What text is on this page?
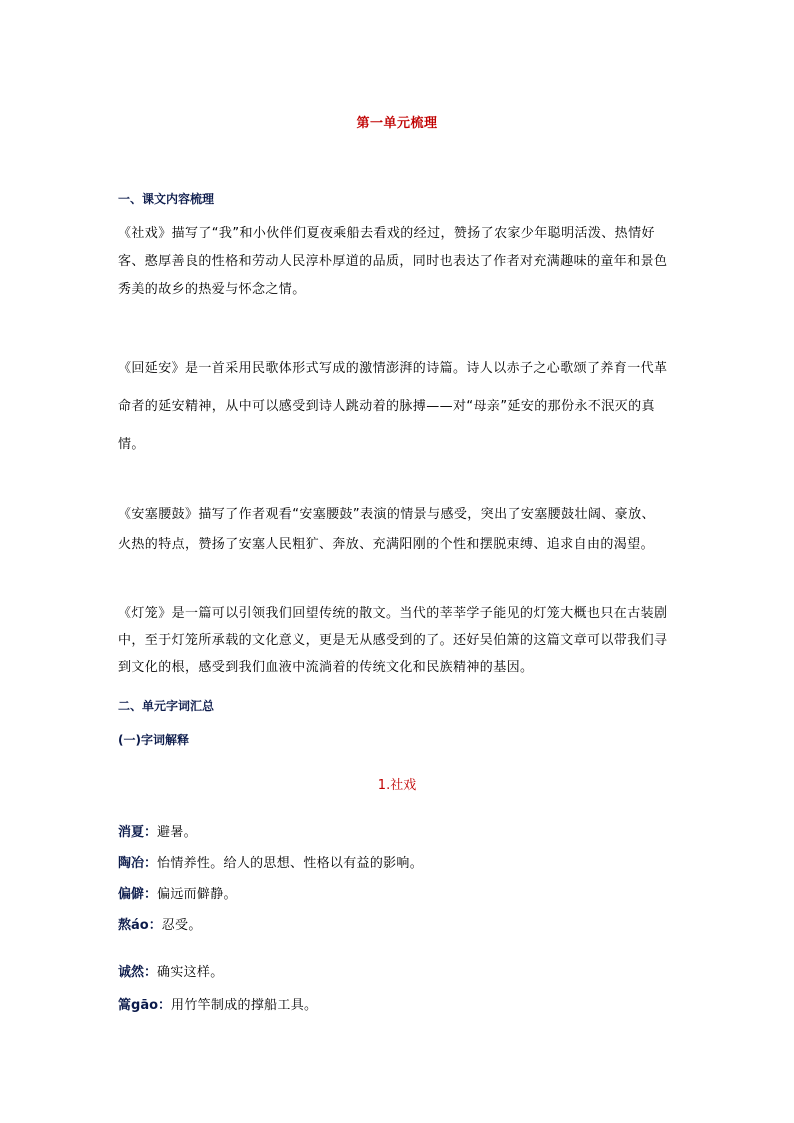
第一单元梳理
一、课文内容梳理

《社戏》描写了“我”和小伙伴们夏夜乘船去看戏的经过，赞扬了农家少年聪明活泼、热情好
客、憨厚善良的性格和劳动人民淳朴厚道的品质，同时也表达了作者对充满趣味的童年和景色
秀美的故乡的热爱与怀念之情。

《回延安》是一首采用民歌体形式写成的激情澎湃的诗篇。诗人以赤子之心歌颂了养育一代革
命者的延安精神，从中可以感受到诗人跳动着的脉搏——对“母亲”延安的那份永不泯灭的真
情。

《安塞腰鼓》描写了作者观看“安塞腰鼓”表演的情景与感受，突出了安塞腰鼓壮阔、豪放、
火热的特点，赞扬了安塞人民粗犷、奔放、充满阳刚的个性和摆脱束缚、追求自由的渴望。

《灯笼》是一篇可以引领我们回望传统的散文。当代的莘莘学子能见的灯笼大概也只在古装剧
中，至于灯笼所承载的文化意义，更是无从感受到的了。还好吴伯箫的这篇文章可以带我们寻
到文化的根，感受到我们血液中流淌着的传统文化和民族精神的基因。

二、单元字词汇总
(一)字词解释
1.社戏
消夏：避暑。
陶冶：怡情养性。给人的思想、性格以有益的影响。
偏僻：偏远而僻静。
熬áo：忍受。
诚然：确实这样。
篙gāo：用竹竿制成的撑船工具。
